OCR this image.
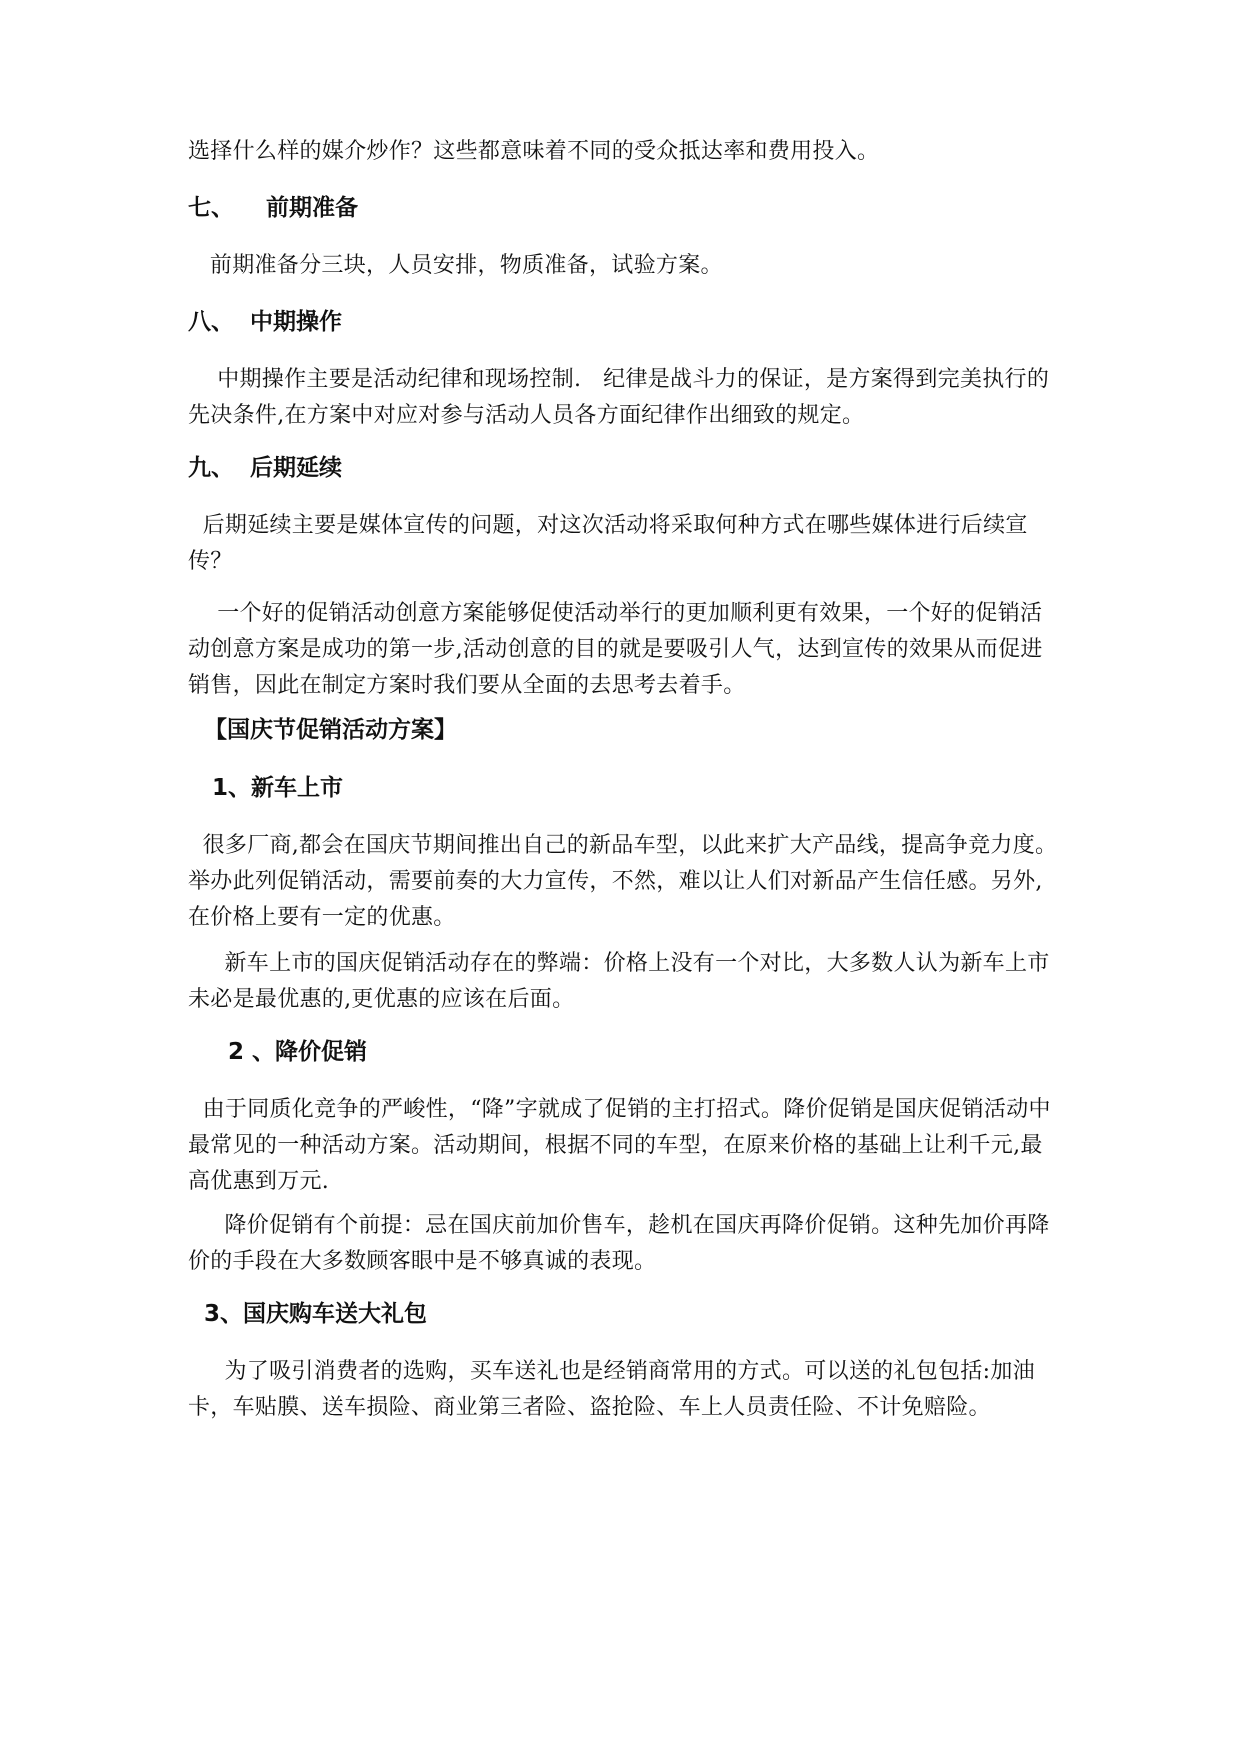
选择什么样的媒介炒作？这些都意味着不同的受众抵达率和费用投入。

七、    前期准备

前期准备分三块，人员安排，物质准备，试验方案。

八、  中期操作

中期操作主要是活动纪律和现场控制.   纪律是战斗力的保证，是方案得到完美执行的先决条件,在方案中对应对参与活动人员各方面纪律作出细致的规定。

九、  后期延续

后期延续主要是媒体宣传的问题，对这次活动将采取何种方式在哪些媒体进行后续宣传？

一个好的促销活动创意方案能够促使活动举行的更加顺利更有效果，一个好的促销活动创意方案是成功的第一步,活动创意的目的就是要吸引人气，达到宣传的效果从而促进销售，因此在制定方案时我们要从全面的去思考去着手。

【国庆节促销活动方案】

1、新车上市

很多厂商,都会在国庆节期间推出自己的新品车型，以此来扩大产品线，提高争竞力度。举办此列促销活动，需要前奏的大力宣传，不然，难以让人们对新品产生信任感。另外,在价格上要有一定的优惠。

新车上市的国庆促销活动存在的弊端：价格上没有一个对比，大多数人认为新车上市未必是最优惠的,更优惠的应该在后面。

2 、降价促销

由于同质化竞争的严峻性，“降”字就成了促销的主打招式。降价促销是国庆促销活动中最常见的一种活动方案。活动期间，根据不同的车型，在原来价格的基础上让利千元,最高优惠到万元.

降价促销有个前提：忌在国庆前加价售车，趁机在国庆再降价促销。这种先加价再降价的手段在大多数顾客眼中是不够真诚的表现。

3、国庆购车送大礼包

为了吸引消费者的选购，买车送礼也是经销商常用的方式。可以送的礼包包括:加油卡，车贴膜、送车损险、商业第三者险、盗抢险、车上人员责任险、不计免赔险。
